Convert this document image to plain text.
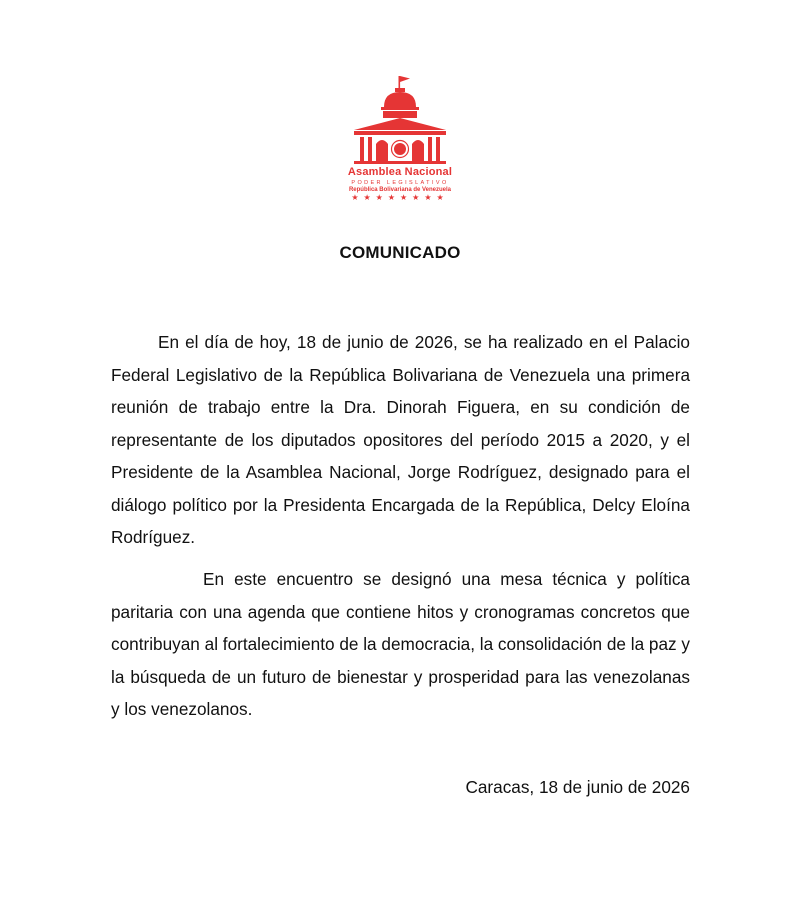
Asamblea Nacional
PODER LEGISLATIVO
República Bolivariana de Venezuela
★★★★★★★★
COMUNICADO

En el día de hoy, 18 de junio de 2026, se ha realizado en el Palacio Federal Legislativo de la República Bolivariana de Venezuela una primera reunión de trabajo entre la Dra. Dinorah Figuera, en su condición de representante de los diputados opositores del período 2015 a 2020, y el Presidente de la Asamblea Nacional, Jorge Rodríguez, designado para el diálogo político por la Presidenta Encargada de la República, Delcy Eloína Rodríguez.

En este encuentro se designó una mesa técnica y política paritaria con una agenda que contiene hitos y cronogramas concretos que contribuyan al fortalecimiento de la democracia, la consolidación de la paz y la búsqueda de un futuro de bienestar y prosperidad para las venezolanas y los venezolanos.

Caracas, 18 de junio de 2026
